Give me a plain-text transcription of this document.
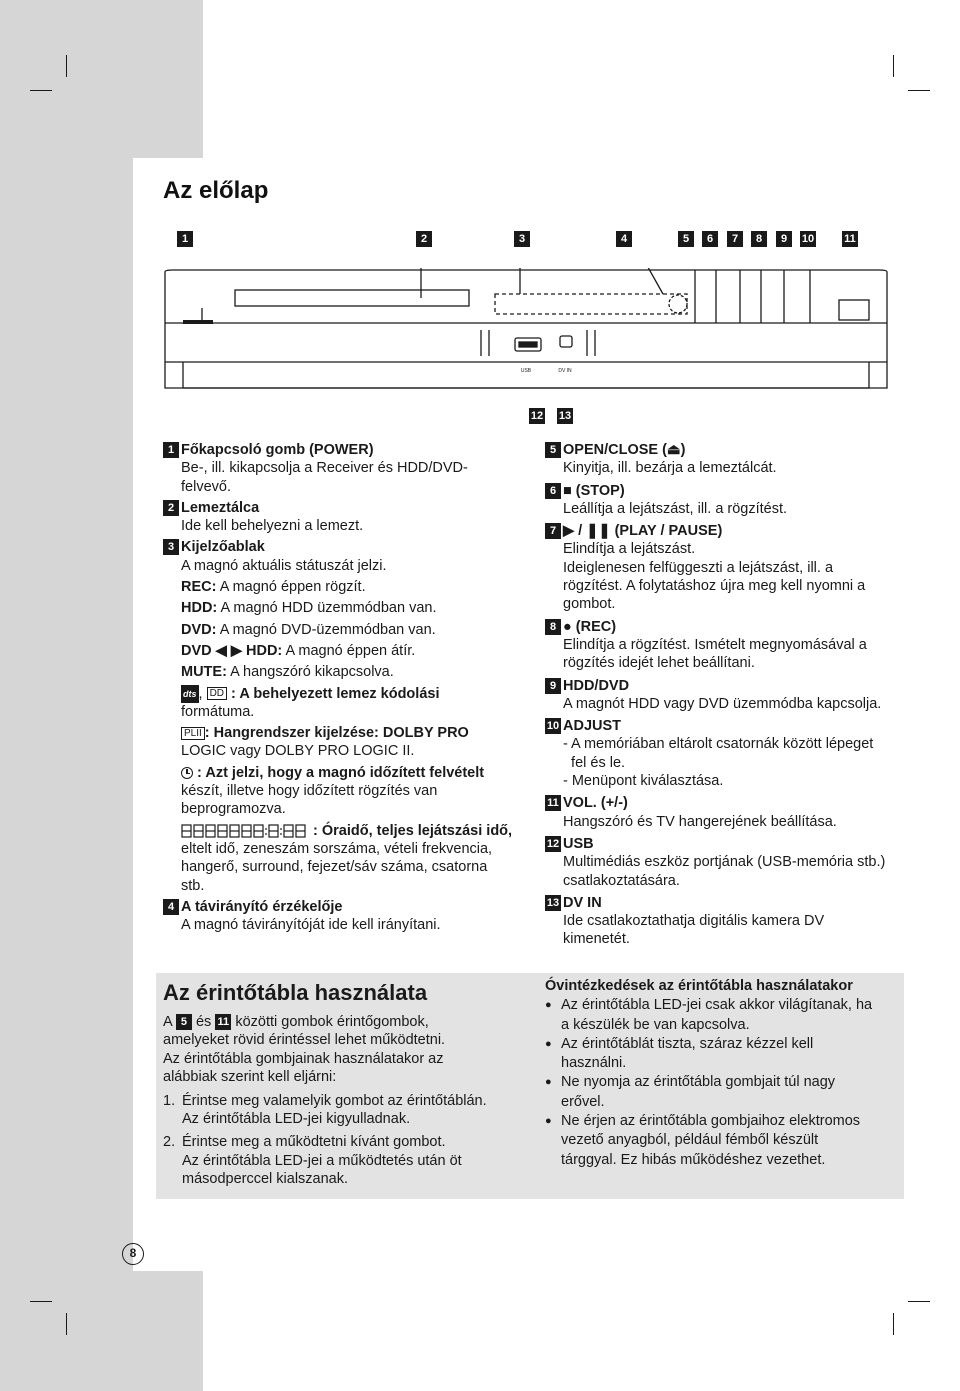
Az előlap
1	2	3	4	5	6	7	8	9	10	11
USB	DV IN
12 13
1 Főkapcsoló gomb (POWER)
Be-, ill. kikapcsolja a Receiver és HDD/DVD-
felvevő.
2 Lemeztálca
Ide kell behelyezni a lemezt.
3 Kijelzőablak
A magnó aktuális státuszát jelzi.
REC: A magnó éppen rögzít.
HDD: A magnó HDD üzemmódban van.
DVD: A magnó DVD-üzemmódban van.
DVD ◀ ▶ HDD: A magnó éppen átír.
MUTE: A hangszóró kikapcsolva.
dts , DD : A behelyezett lemez kódolási
formátuma.
PLII : Hangrendszer kijelzése: DOLBY PRO
LOGIC vagy DOLBY PRO LOGIC II.
: Azt jelzi, hogy a magnó időzített felvételt
készít, illetve hogy időzített rögzítés van
beprogramozva.
: Óraidő, teljes lejátszási idő,
eltelt idő, zeneszám sorszáma, vételi frekvencia,
hangerő, surround, fejezet/sáv száma, csatorna
stb.
4 A távirányító érzékelője
A magnó távirányítóját ide kell irányítani.
5 OPEN/CLOSE (⏏)
Kinyitja, ill. bezárja a lemeztálcát.
6 ■ (STOP)
Leállítja a lejátszást, ill. a rögzítést.
7 ▶ / ❚❚ (PLAY / PAUSE)
Elindítja a lejátszást.
Ideiglenesen felfüggeszti a lejátszást, ill. a
rögzítést. A folytatáshoz újra meg kell nyomni a
gombot.
8 ● (REC)
Elindítja a rögzítést. Ismételt megnyomásával a
rögzítés idejét lehet beállítani.
9 HDD/DVD
A magnót HDD vagy DVD üzemmódba kapcsolja.
10 ADJUST
- A memóriában eltárolt csatornák között lépeget
fel és le.
- Menüpont kiválasztása.
11 VOL. (+/-)
Hangszóró és TV hangerejének beállítása.
12 USB
Multimédiás eszköz portjának (USB-memória stb.)
csatlakoztatására.
13 DV IN
Ide csatlakoztathatja digitális kamera DV
kimenetét.
Az érintőtábla használata
A 5 és 11 közötti gombok érintőgombok,
amelyeket rövid érintéssel lehet működtetni.
Az érintőtábla gombjainak használatakor az
alábbiak szerint kell eljárni:
1. Érintse meg valamelyik gombot az érintőtáblán.
Az érintőtábla LED-jei kigyulladnak.
2. Érintse meg a működtetni kívánt gombot.
Az érintőtábla LED-jei a működtetés után öt
másodperccel kialszanak.
Óvintézkedések az érintőtábla használatakor
● Az érintőtábla LED-jei csak akkor világítanak, ha
a készülék be van kapcsolva.
● Az érintőtáblát tiszta, száraz kézzel kell
használni.
● Ne nyomja az érintőtábla gombjait túl nagy
erővel.
● Ne érjen az érintőtábla gombjaihoz elektromos
vezető anyagból, például fémből készült
tárggyal. Ez hibás működéshez vezethet.
8
